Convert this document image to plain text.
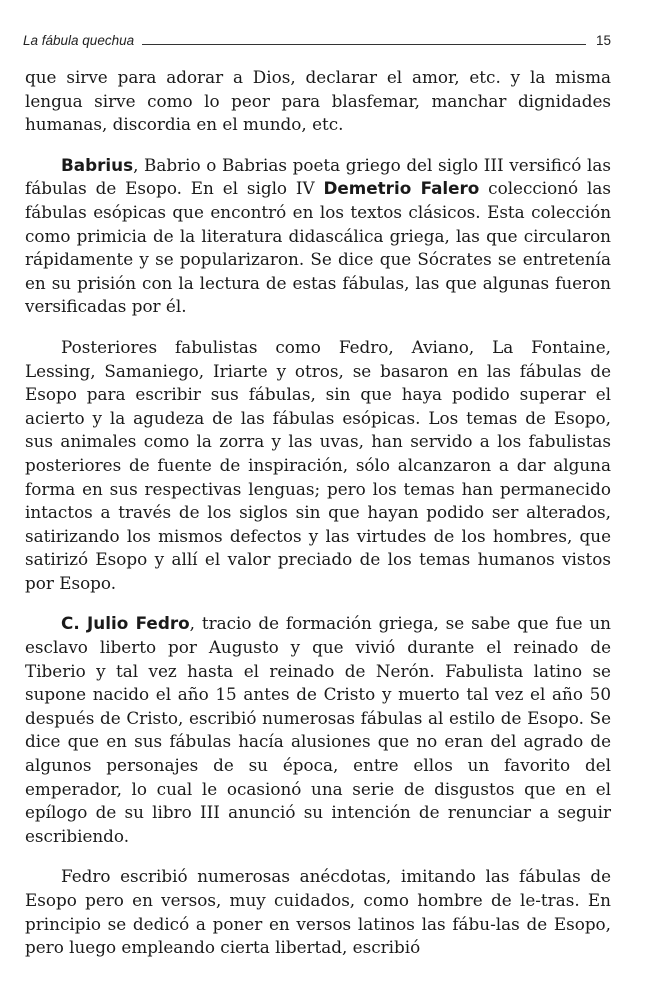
La fábula quechua	15

que sirve para adorar a Dios, declarar el amor, etc. y la misma lengua sirve como lo peor para blasfemar, manchar dignidades humanas, discordia en el mundo, etc.

Babrius, Babrio o Babrias poeta griego del siglo III versificó las fábulas de Esopo. En el siglo IV Demetrio Falero coleccionó las fábulas esópicas que encontró en los textos clásicos. Esta colección como primicia de la literatura didascálica griega, las que circularon rápidamente y se popularizaron. Se dice que Sócrates se entretenía en su prisión con la lectura de estas fábulas, las que algunas fueron versificadas por él.

Posteriores fabulistas como Fedro, Aviano, La Fontaine, Lessing, Samaniego, Iriarte y otros, se basaron en las fábulas de Esopo para escribir sus fábulas, sin que haya podido superar el acierto y la agudeza de las fábulas esópicas. Los temas de Esopo, sus animales como la zorra y las uvas, han servido a los fabulistas posteriores de fuente de inspiración, sólo alcanzaron a dar alguna forma en sus respectivas lenguas; pero los temas han permanecido intactos a través de los siglos sin que hayan podido ser alterados, satirizando los mismos defectos y las virtudes de los hombres, que satirizó Esopo y allí el valor preciado de los temas humanos vistos por Esopo.

C. Julio Fedro, tracio de formación griega, se sabe que fue un esclavo liberto por Augusto y que vivió durante el reinado de Tiberio y tal vez hasta el reinado de Nerón. Fabulista latino se supone nacido el año 15 antes de Cristo y muerto tal vez el año 50 después de Cristo, escribió numerosas fábulas al estilo de Esopo. Se dice que en sus fábulas hacía alusiones que no eran del agrado de algunos personajes de su época, entre ellos un favorito del emperador, lo cual le ocasionó una serie de disgustos que en el epílogo de su libro III anunció su intención de renunciar a seguir escribiendo.

Fedro escribió numerosas anécdotas, imitando las fábulas de Esopo pero en versos, muy cuidados, como hombre de le-tras. En principio se dedicó a poner en versos latinos las fábu-las de Esopo, pero luego empleando cierta libertad, escribió
